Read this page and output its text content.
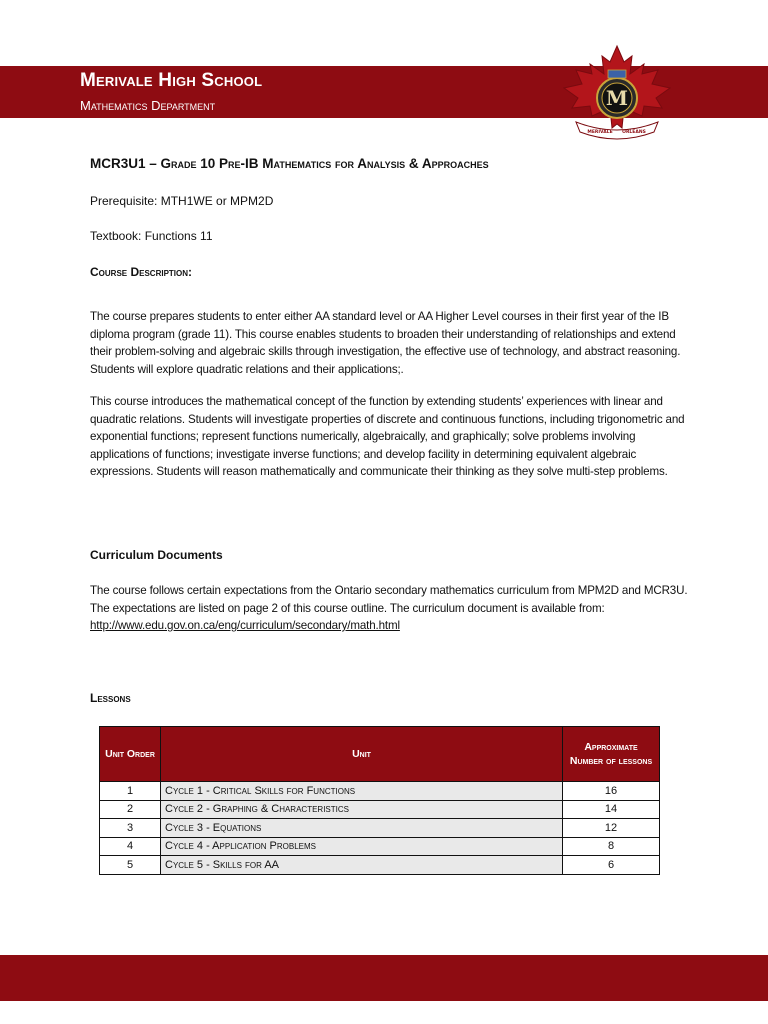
Merivale High School
Mathematics Department	M
MERIVALE ORLEANS
MCR3U1 – Grade 10 Pre-IB Mathematics for Analysis & Approaches
Prerequisite: MTH1WE or MPM2D
Textbook: Functions 11
Course Description:
The course prepares students to enter either AA standard level or AA Higher Level courses in their first year of the IB diploma program (grade 11). This course enables students to broaden their understanding of relationships and extend their problem-solving and algebraic skills through investigation, the effective use of technology, and abstract reasoning. Students will explore quadratic relations and their applications;.
This course introduces the mathematical concept of the function by extending students’ experiences with linear and quadratic relations. Students will investigate properties of discrete and continuous functions, including trigonometric and exponential functions; represent functions numerically, algebraically, and graphically; solve problems involving applications of functions; investigate inverse functions; and develop facility in determining equivalent algebraic expressions. Students will reason mathematically and communicate their thinking as they solve multi-step problems.
Curriculum Documents
The course follows certain expectations from the Ontario secondary mathematics curriculum from MPM2D and MCR3U. The expectations are listed on page 2 of this course outline. The curriculum document is available from: http://www.edu.gov.on.ca/eng/curriculum/secondary/math.html
Lessons
Unit Order	Unit	Approximate Number of lessons
1	Cycle 1 - Critical Skills for Functions	16
2	Cycle 2 - Graphing & Characteristics	14
3	Cycle 3 - Equations	12
4	Cycle 4 - Application Problems	8
5	Cycle 5 - Skills for AA	6
